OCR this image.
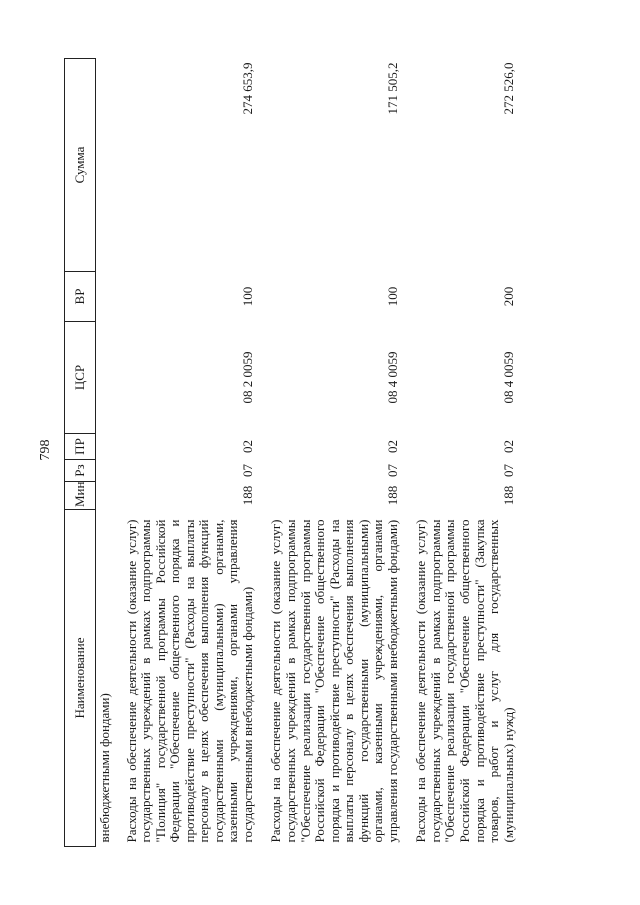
798
Наименование	Мин	Рз	ПР	ЦСР	ВР	Сумма
внебюджетными фондами)						
Расходы на обеспечение деятельности (оказание услуг) государственных учреждений в рамках подпрограммы "Полиция" государственной программы Российской Федерации "Обеспечение общественного порядка и противодействие преступности" (Расходы на выплаты персоналу в целях обеспечения выполнения функций государственными (муниципальными) органами, казенными учреждениями, органами управления государственными внебюджетными фондами)	188	07	02	08 2 0059	100	274 653,9
Расходы на обеспечение деятельности (оказание услуг) государственных учреждений в рамках подпрограммы "Обеспечение реализации государственной программы Российской Федерации "Обеспечение общественного порядка и противодействие преступности" (Расходы на выплаты персоналу в целях обеспечения выполнения функций государственными (муниципальными) органами, казенными учреждениями, органами управления государственными внебюджетными фондами)	188	07	02	08 4 0059	100	171 505,2
Расходы на обеспечение деятельности (оказание услуг) государственных учреждений в рамках подпрограммы "Обеспечение реализации государственной программы Российской Федерации "Обеспечение общественного порядка и противодействие преступности" (Закупка товаров, работ и услуг для государственных (муниципальных) нужд)	188	07	02	08 4 0059	200	272 526,0
